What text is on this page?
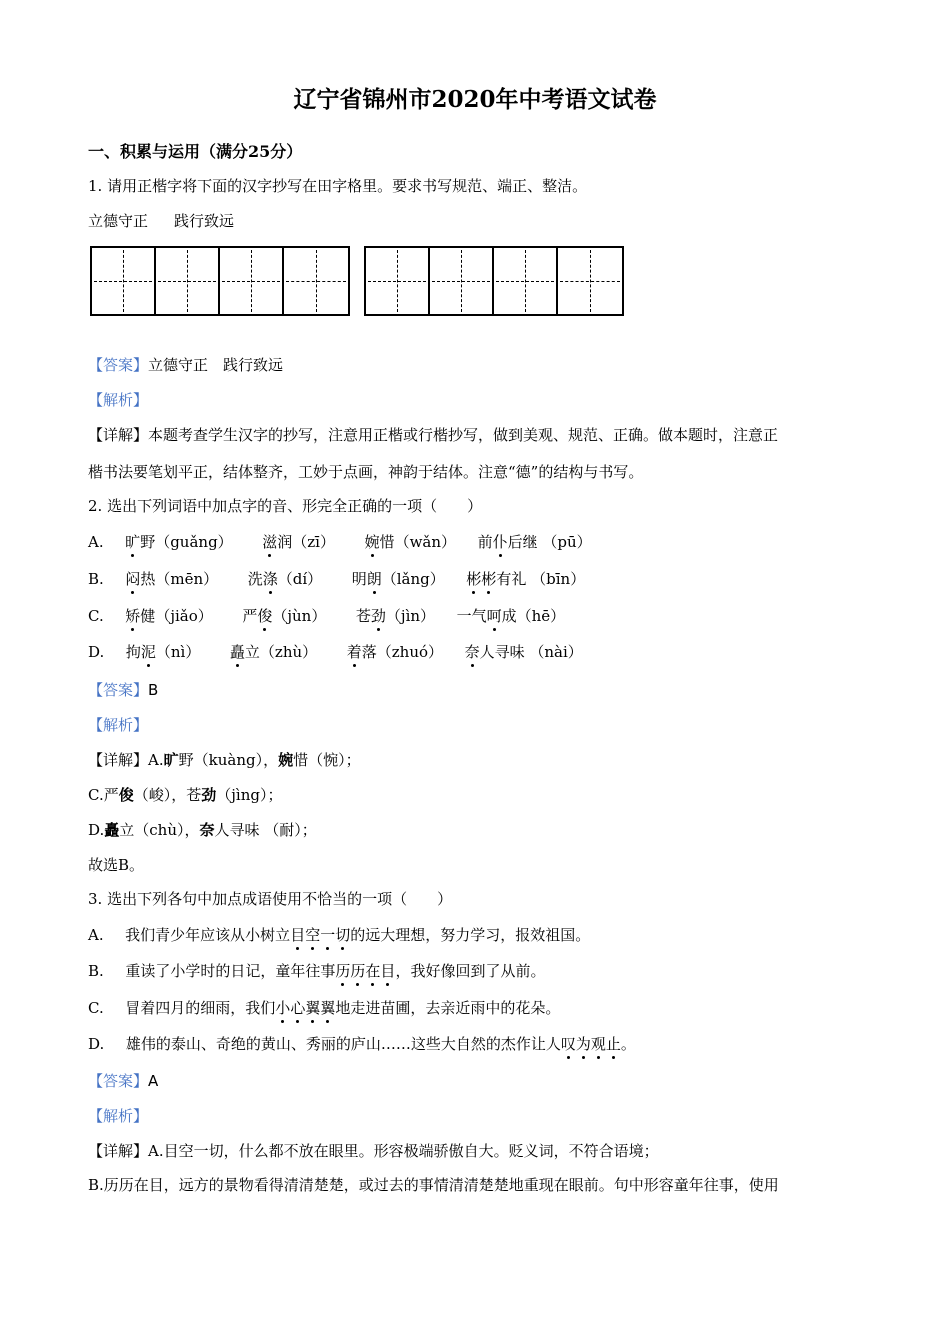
辽宁省锦州市2020年中考语文试卷
一、积累与运用（满分25分）
1. 请用正楷字将下面的汉字抄写在田字格里。要求书写规范、端正、整洁。
立德守正 践行致远
【答案】立德守正　践行致远
【解析】
【详解】本题考查学生汉字的抄写，注意用正楷或行楷抄写，做到美观、规范、正确。做本题时，注意正
楷书法要笔划平正，结体整齐，工妙于点画，神韵于结体。注意“德”的结构与书写。
2. 选出下列词语中加点字的音、形完全正确的一项（　　）
A. 旷野（guǎng） 滋润（zī） 婉惜（wǎn） 前仆后继 （pū）
B. 闷热（mēn） 洗涤（dí） 明朗（lǎng） 彬彬有礼 （bīn）
C. 矫健（jiǎo） 严俊（jùn） 苍劲（jìn） 一气呵成（hē）
D. 拘泥（nì） 矗立（zhù） 着落（zhuó） 奈人寻味 （nài）
【答案】B
【解析】
【详解】A.旷野（kuàng），婉惜（惋）；
C.严俊（峻），苍劲（jìng）；
D.矗立（chù），奈人寻味 （耐）；
故选B。
3. 选出下列各句中加点成语使用不恰当的一项（　　）
A. 我们青少年应该从小树立目空一切的远大理想，努力学习，报效祖国。
B. 重读了小学时的日记，童年往事历历在目，我好像回到了从前。
C. 冒着四月的细雨，我们小心翼翼地走进苗圃，去亲近雨中的花朵。
D. 雄伟的泰山、奇绝的黄山、秀丽的庐山……这些大自然的杰作让人叹为观止。
【答案】A
【解析】
【详解】A.目空一切，什么都不放在眼里。形容极端骄傲自大。贬义词，不符合语境；
B.历历在目，远方的景物看得清清楚楚，或过去的事情清清楚楚地重现在眼前。句中形容童年往事，使用
